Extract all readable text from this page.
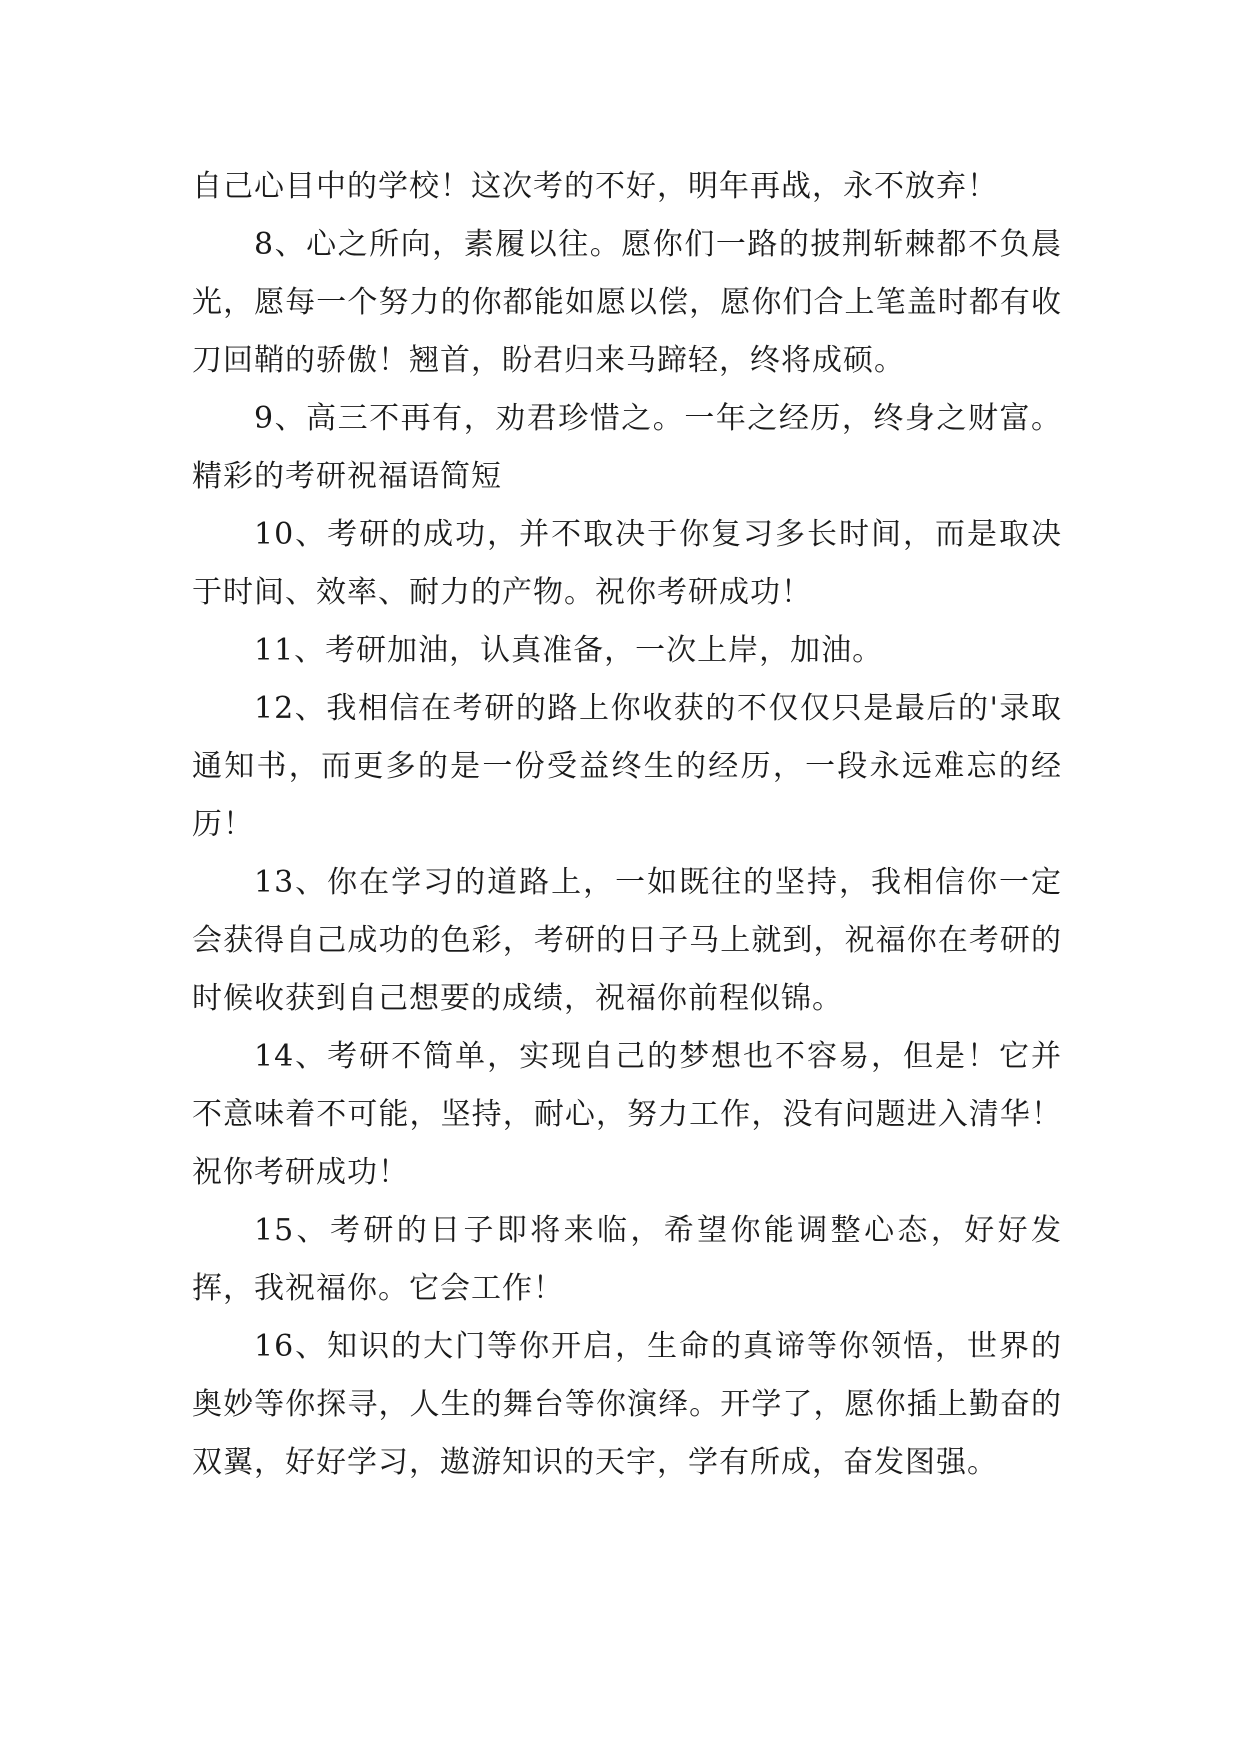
自己心目中的学校！这次考的不好，明年再战，永不放弃！

8、心之所向，素履以往。愿你们一路的披荆斩棘都不负晨光，愿每一个努力的你都能如愿以偿，愿你们合上笔盖时都有收刀回鞘的骄傲！翘首，盼君归来马蹄轻，终将成硕。

9、高三不再有，劝君珍惜之。一年之经历，终身之财富。精彩的考研祝福语简短

10、考研的成功，并不取决于你复习多长时间，而是取决于时间、效率、耐力的产物。祝你考研成功！

11、考研加油，认真准备，一次上岸，加油。

12、我相信在考研的路上你收获的不仅仅只是最后的'录取通知书，而更多的是一份受益终生的经历，一段永远难忘的经历！

13、你在学习的道路上，一如既往的坚持，我相信你一定会获得自己成功的色彩，考研的日子马上就到，祝福你在考研的时候收获到自己想要的成绩，祝福你前程似锦。

14、考研不简单，实现自己的梦想也不容易，但是！它并不意味着不可能，坚持，耐心，努力工作，没有问题进入清华！祝你考研成功！

15、考研的日子即将来临，希望你能调整心态，好好发挥，我祝福你。它会工作！

16、知识的大门等你开启，生命的真谛等你领悟，世界的奥妙等你探寻，人生的舞台等你演绎。开学了，愿你插上勤奋的双翼，好好学习，遨游知识的天宇，学有所成，奋发图强。
